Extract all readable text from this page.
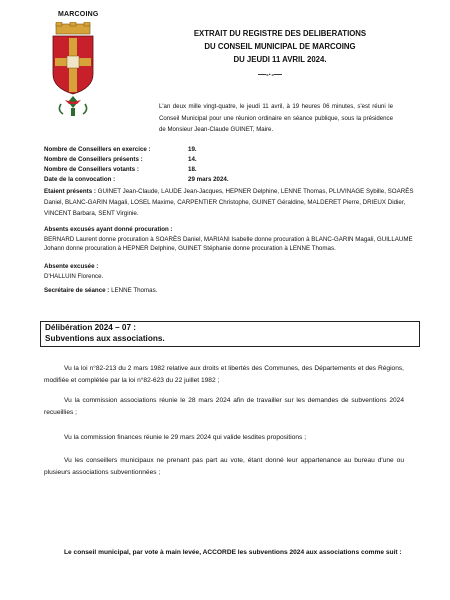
MARCOING
EXTRAIT DU REGISTRE DES DELIBERATIONS
DU CONSEIL MUNICIPAL DE MARCOING
DU JEUDI 11 AVRIL 2024.
—-·-—
L'an deux mille vingt-quatre, le jeudi 11 avril, à 19 heures 06 minutes, s'est réuni le Conseil Municipal pour une réunion ordinaire en séance publique, sous la présidence de Monsieur Jean-Claude GUINET, Maire.
Nombre de Conseillers en exercice :	19.
Nombre de Conseillers présents :	14.
Nombre de Conseillers votants :	18.
Date de la convocation :	29 mars 2024.
Etaient présents : GUINET Jean-Claude, LAUDE Jean-Jacques, HEPNER Delphine, LENNE Thomas, PLUVINAGE Sybille, SOARÈS Daniel, BLANC-GARIN Magali, LOSEL Maxime, CARPENTIER Christophe, GUINET Géraldine, MALDERET Pierre, DRIEUX Didier, VINCENT Barbara, SENT Virginie.
Absents excusés ayant donné procuration :
BERNARD Laurent donne procuration à SOARÈS Daniel, MARIANI Isabelle donne procuration à BLANC-GARIN Magali, GUILLAUME Johann donne procuration à HEPNER Delphine, GUINET Stéphanie donne procuration à LENNE Thomas.
Absente excusée :
D'HALLUIN Florence.
Secrétaire de séance : LENNE Thomas.
Délibération 2024 – 07 :
Subventions aux associations.
Vu la loi n°82-213 du 2 mars 1982 relative aux droits et libertés des Communes, des Départements et des Régions, modifiée et complétée par la loi n°82-623 du 22 juillet 1982 ;
Vu la commission associations réunie le 28 mars 2024 afin de travailler sur les demandes de subventions 2024 recueillies ;
Vu la commission finances réunie le 29 mars 2024 qui valide lesdites propositions ;
Vu les conseillers municipaux ne prenant pas part au vote, étant donné leur appartenance au bureau d'une ou plusieurs associations subventionnées ;
Le conseil municipal, par vote à main levée, ACCORDE les subventions 2024 aux associations comme suit :
